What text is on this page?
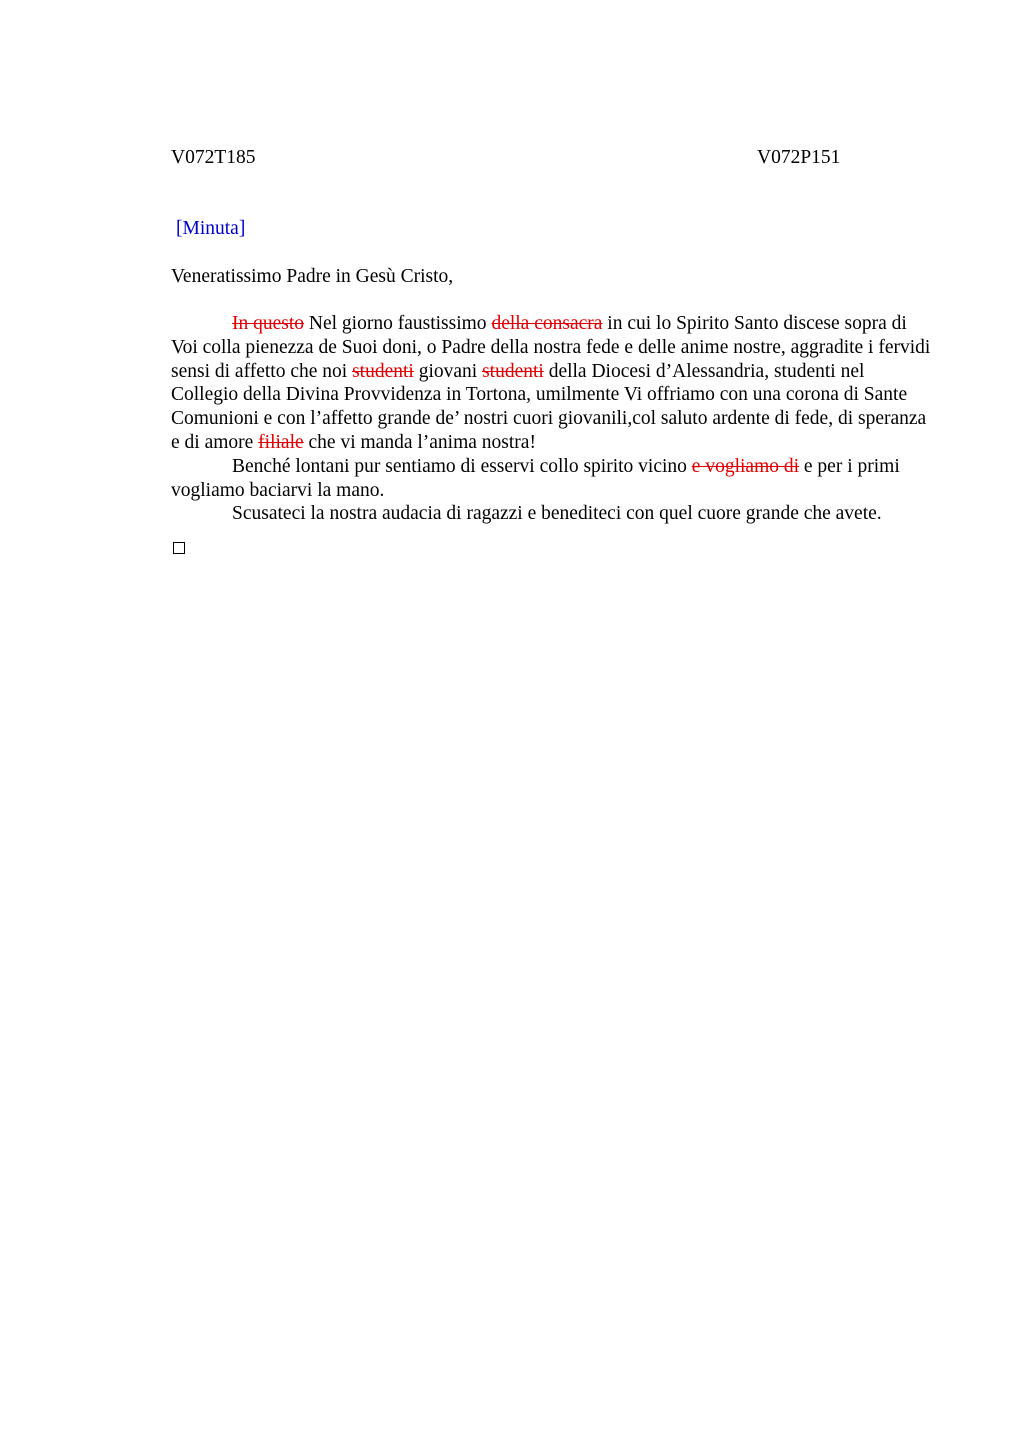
V072T185	V072P151
[Minuta]
Veneratissimo Padre in Gesù Cristo,

In questo Nel giorno faustissimo della consacra in cui lo Spirito Santo discese sopra di Voi colla pienezza de Suoi doni, o Padre della nostra fede e delle anime nostre, aggradite i fervidi sensi di affetto che noi studenti giovani studenti della Diocesi d’Alessandria, studenti nel Collegio della Divina Provvidenza in Tortona, umilmente Vi offriamo con una corona di Sante Comunioni e con l’affetto grande de’ nostri cuori giovanili,col saluto ardente di fede, di speranza e di amore filiale che vi manda l’anima nostra!

Benché lontani pur sentiamo di esservi collo spirito vicino e vogliamo di e per i primi vogliamo baciarvi la mano.

Scusateci la nostra audacia di ragazzi e benediteci con quel cuore grande che avete.
